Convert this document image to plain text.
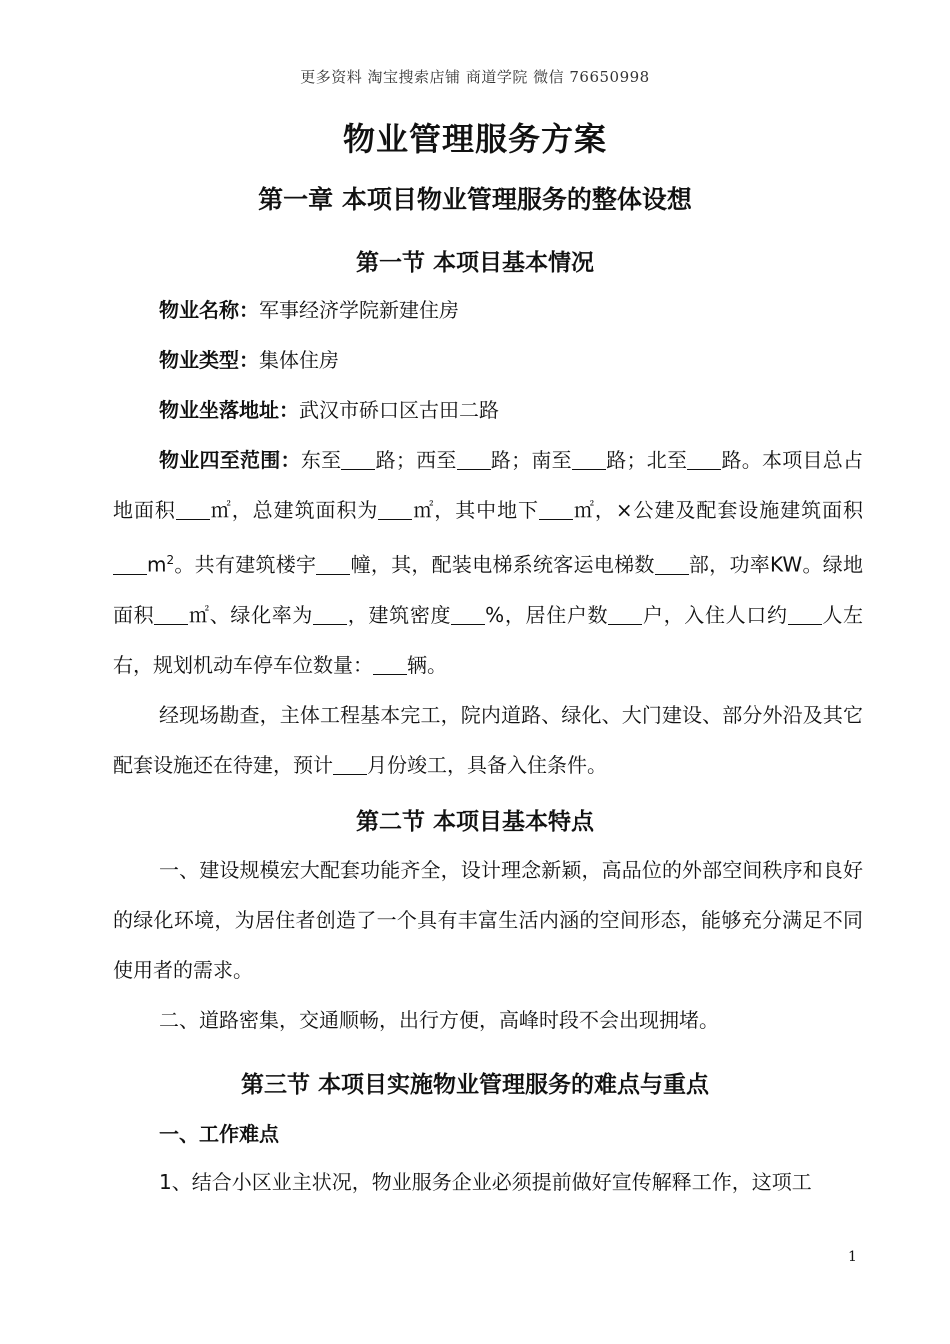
更多资料 淘宝搜索店铺 商道学院 微信 76650998
物业管理服务方案
第一章 本项目物业管理服务的整体设想
第一节 本项目基本情况

物业名称：军事经济学院新建住房

物业类型：集体住房

物业坐落地址：武汉市硚口区古田二路

物业四至范围：东至 路；西至 路；南至 路；北至 路。本项目总占地面积 ㎡，总建筑面积为 ㎡，其中地下 ㎡，×公建及配套设施建筑面积$m^2$。共有建筑楼宇 幢，其，配装电梯系统客运电梯数 部，功率KW。绿地面积 ㎡、绿化率为 ，建筑密度 %，居住户数 户，入住人口约 人左右，规划机动车停车位数量： 辆。

经现场勘查，主体工程基本完工，院内道路、绿化、大门建设、部分外沿及其它配套设施还在待建，预计 月份竣工，具备入住条件。

第二节 本项目基本特点

一、建设规模宏大配套功能齐全，设计理念新颖，高品位的外部空间秩序和良好的绿化环境，为居住者创造了一个具有丰富生活内涵的空间形态，能够充分满足不同使用者的需求。

二、道路密集，交通顺畅，出行方便，高峰时段不会出现拥堵。

第三节 本项目实施物业管理服务的难点与重点
一、工作难点

1、结合小区业主状况，物业服务企业必须提前做好宣传解释工作，这项工

1
